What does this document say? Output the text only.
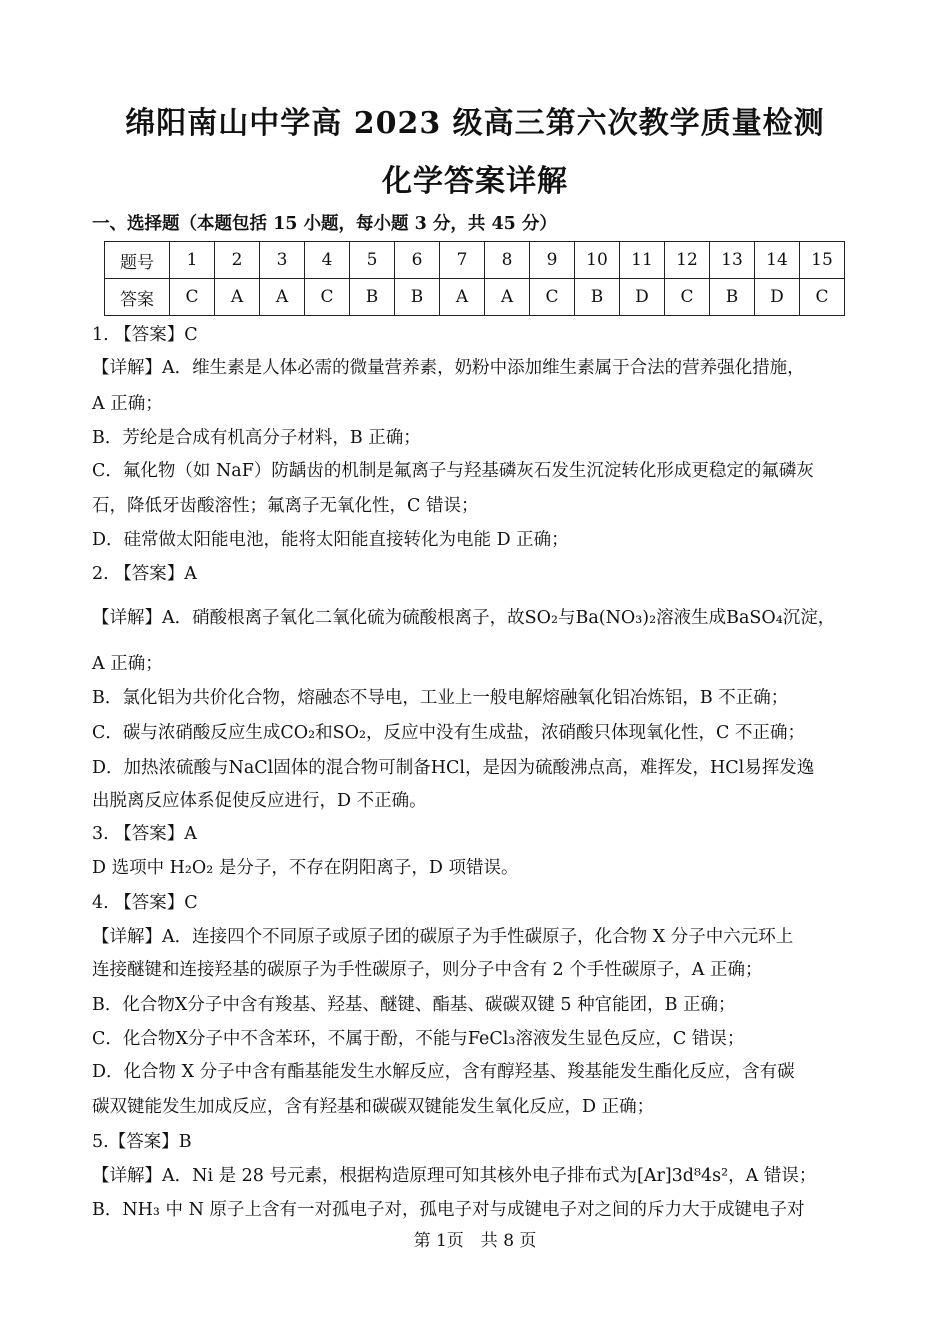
绵阳南山中学高 2023 级高三第六次教学质量检测
化学答案详解
一、选择题（本题包括 15 小题，每小题 3 分，共 45 分）
题号	1	2	3	4	5	6	7	8	9	10	11	12	13	14	15
答案	C	A	A	C	B	B	A	A	C	B	D	C	B	D	C
1. 【答案】C
【详解】A．维生素是人体必需的微量营养素，奶粉中添加维生素属于合法的营养强化措施，
A 正确；
B．芳纶是合成有机高分子材料，B 正确；
C．氟化物（如 NaF）防龋齿的机制是氟离子与羟基磷灰石发生沉淀转化形成更稳定的氟磷灰
石，降低牙齿酸溶性；氟离子无氧化性，C 错误；
D．硅常做太阳能电池，能将太阳能直接转化为电能 D 正确；
2. 【答案】A
【详解】A．硝酸根离子氧化二氧化硫为硫酸根离子，故SO₂与Ba(NO₃)₂溶液生成BaSO₄沉淀，
A 正确；
B．氯化铝为共价化合物，熔融态不导电，工业上一般电解熔融氧化铝冶炼铝，B 不正确；
C．碳与浓硝酸反应生成CO₂和SO₂，反应中没有生成盐，浓硝酸只体现氧化性，C 不正确；
D．加热浓硫酸与NaCl固体的混合物可制备HCl，是因为硫酸沸点高，难挥发，HCl易挥发逸
出脱离反应体系促使反应进行，D 不正确。
3. 【答案】A
D 选项中 H₂O₂ 是分子，不存在阴阳离子，D 项错误。
4. 【答案】C
【详解】A．连接四个不同原子或原子团的碳原子为手性碳原子，化合物 X 分子中六元环上
连接醚键和连接羟基的碳原子为手性碳原子，则分子中含有 2 个手性碳原子，A 正确；
B．化合物X分子中含有羧基、羟基、醚键、酯基、碳碳双键 5 种官能团，B 正确；
C．化合物X分子中不含苯环，不属于酚，不能与FeCl₃溶液发生显色反应，C 错误；
D．化合物 X 分子中含有酯基能发生水解反应，含有醇羟基、羧基能发生酯化反应，含有碳
碳双键能发生加成反应，含有羟基和碳碳双键能发生氧化反应，D 正确；
5.【答案】B
【详解】A．Ni 是 28 号元素，根据构造原理可知其核外电子排布式为[Ar]3d⁸4s²，A 错误；
B．NH₃ 中 N 原子上含有一对孤电子对，孤电子对与成键电子对之间的斥力大于成键电子对
第 1页　共 8 页
